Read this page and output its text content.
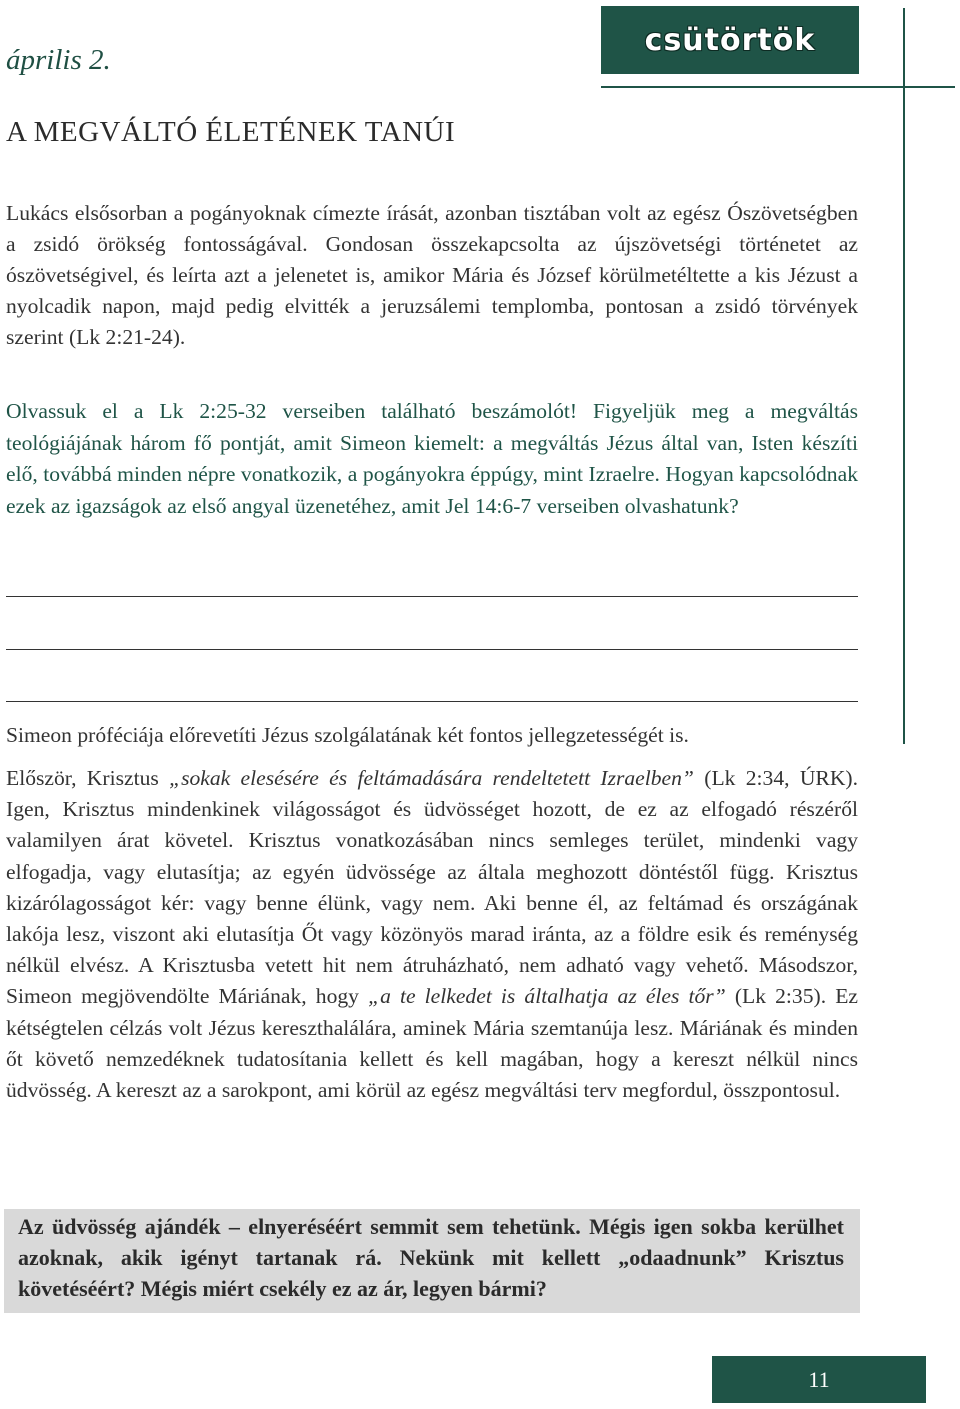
április 2.
csütörtök
A MEGVÁLTÓ ÉLETÉNEK TANÚI

Lukács elsősorban a pogányoknak címezte írását, azonban tisztában volt az egész Ószövetségben a zsidó örökség fontosságával. Gondosan összekapcsolta az újszövetségi történetet az ószövetségivel, és leírta azt a jelenetet is, amikor Mária és József körülmetéltette a kis Jézust a nyolcadik napon, majd pedig elvitték a jeruzsálemi templomba, pontosan a zsidó törvények szerint (Lk 2:21-24).

Olvassuk el a Lk 2:25-32 verseiben található beszámolót! Figyeljük meg a megváltás teológiájának három fő pontját, amit Simeon kiemelt: a megváltás Jézus által van, Isten készíti elő, továbbá minden népre vonatkozik, a pogányokra éppúgy, mint Izraelre. Hogyan kapcsolódnak ezek az igazságok az első angyal üzenetéhez, amit Jel 14:6-7 verseiben olvashatunk?

Simeon próféciája előrevetíti Jézus szolgálatának két fontos jellegzetességét is.

Először, Krisztus „sokak elesésére és feltámadására rendeltetett Izraelben” (Lk 2:34, ÚRK). Igen, Krisztus mindenkinek világosságot és üdvösséget hozott, de ez az elfogadó részéről valamilyen árat követel. Krisztus vonatkozásában nincs semleges terület, mindenki vagy elfogadja, vagy elutasítja; az egyén üdvössége az általa meghozott döntéstől függ. Krisztus kizárólagosságot kér: vagy benne élünk, vagy nem. Aki benne él, az feltámad és országának lakója lesz, viszont aki elutasítja Őt vagy közönyös marad iránta, az a földre esik és reménység nélkül elvész. A Krisztusba vetett hit nem átruházható, nem adható vagy vehető. Másodszor, Simeon megjövendölte Máriának, hogy „a te lelkedet is általhatja az éles tőr” (Lk 2:35). Ez kétségtelen célzás volt Jézus kereszthalálára, aminek Mária szemtanúja lesz. Máriának és minden őt követő nemzedéknek tudatosítania kellett és kell magában, hogy a kereszt nélkül nincs üdvösség. A kereszt az a sarokpont, ami körül az egész megváltási terv megfordul, összpontosul.

Az üdvösség ajándék – elnyeréséért semmit sem tehetünk. Mégis igen sokba kerülhet azoknak, akik igényt tartanak rá. Nekünk mit kellett „odaadnunk” Krisztus követéséért? Mégis miért csekély ez az ár, legyen bármi?

11
